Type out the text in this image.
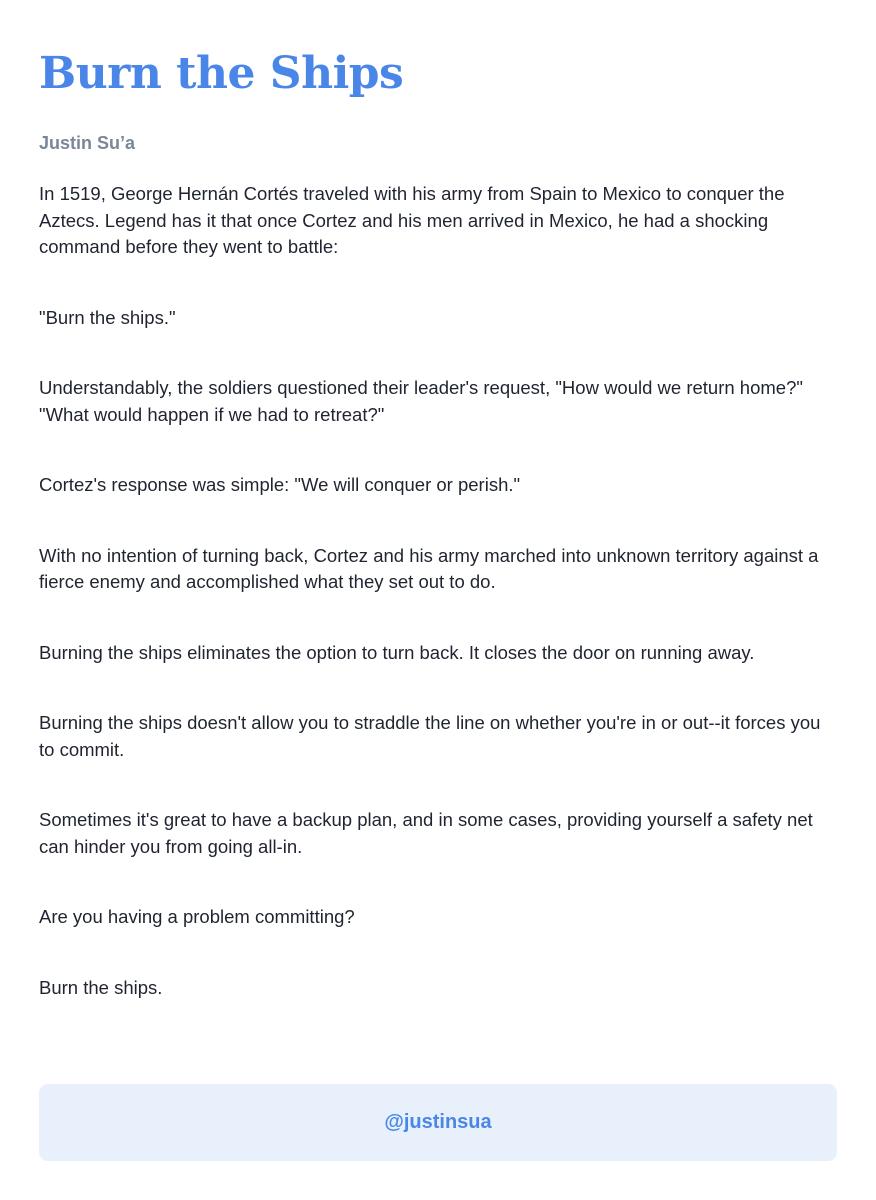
Burn the Ships
Justin Su’a

In 1519, George Hernán Cortés traveled with his army from Spain to Mexico to conquer the Aztecs. Legend has it that once Cortez and his men arrived in Mexico, he had a shocking command before they went to battle:

"Burn the ships."

Understandably, the soldiers questioned their leader's request, "How would we return home?" "What would happen if we had to retreat?"

Cortez's response was simple: "We will conquer or perish."

With no intention of turning back, Cortez and his army marched into unknown territory against a fierce enemy and accomplished what they set out to do.

Burning the ships eliminates the option to turn back. It closes the door on running away.

Burning the ships doesn't allow you to straddle the line on whether you're in or out--it forces you to commit.

Sometimes it's great to have a backup plan, and in some cases, providing yourself a safety net can hinder you from going all-in.

Are you having a problem committing?

Burn the ships.

@justinsua
